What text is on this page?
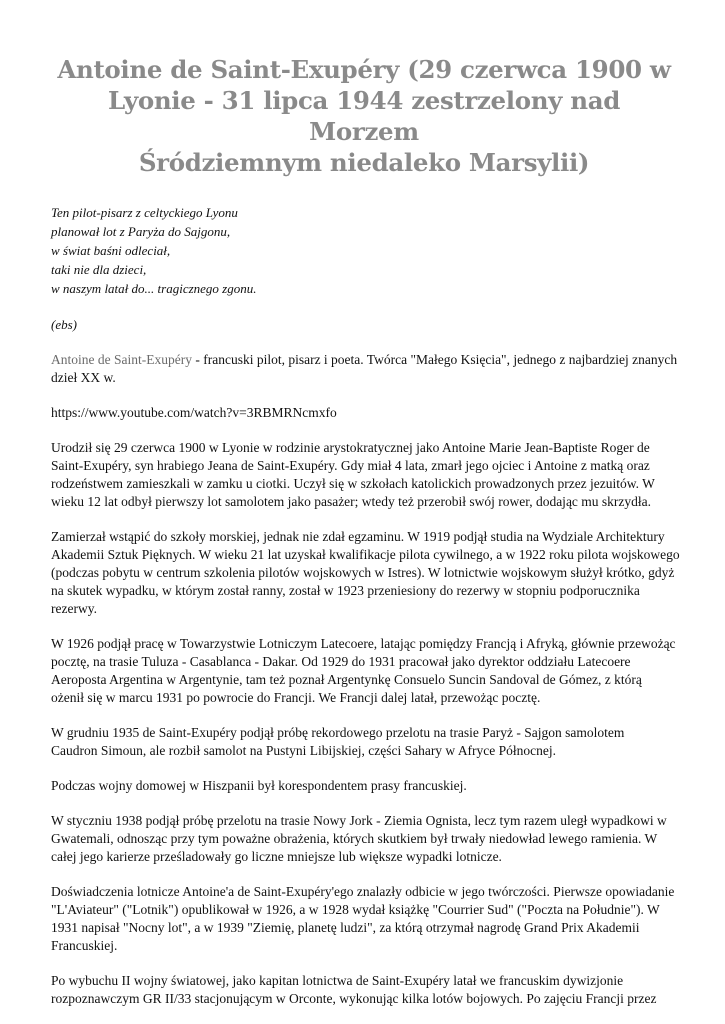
Antoine de Saint-Exupéry (29 czerwca 1900 w
Lyonie - 31 lipca 1944 zestrzelony nad Morzem
Śródziemnym niedaleko Marsylii)
Ten pilot-pisarz z celtyckiego Lyonu
planował lot z Paryża do Sajgonu,
w świat baśni odleciał,
taki nie dla dzieci,
w naszym latał do... tragicznego zgonu.
(ebs)
Antoine de Saint-Exupéry - francuski pilot, pisarz i poeta. Twórca "Małego Księcia", jednego z najbardziej znanych
dzieł XX w.
https://www.youtube.com/watch?v=3RBMRNcmxfo
Urodził się 29 czerwca 1900 w Lyonie w rodzinie arystokratycznej jako Antoine Marie Jean-Baptiste Roger de
Saint-Exupéry, syn hrabiego Jeana de Saint-Exupéry. Gdy miał 4 lata, zmarł jego ojciec i Antoine z matką oraz
rodzeństwem zamieszkali w zamku u ciotki. Uczył się w szkołach katolickich prowadzonych przez jezuitów. W
wieku 12 lat odbył pierwszy lot samolotem jako pasażer; wtedy też przerobił swój rower, dodając mu skrzydła.
Zamierzał wstąpić do szkoły morskiej, jednak nie zdał egzaminu. W 1919 podjął studia na Wydziale Architektury
Akademii Sztuk Pięknych. W wieku 21 lat uzyskał kwalifikacje pilota cywilnego, a w 1922 roku pilota wojskowego
(podczas pobytu w centrum szkolenia pilotów wojskowych w Istres). W lotnictwie wojskowym służył krótko, gdyż
na skutek wypadku, w którym został ranny, został w 1923 przeniesiony do rezerwy w stopniu podporucznika
rezerwy.
W 1926 podjął pracę w Towarzystwie Lotniczym Latecoere, latając pomiędzy Francją i Afryką, głównie przewożąc
pocztę, na trasie Tuluza - Casablanca - Dakar. Od 1929 do 1931 pracował jako dyrektor oddziału Latecoere
Aeroposta Argentina w Argentynie, tam też poznał Argentynkę Consuelo Suncin Sandoval de Gómez, z którą
ożenił się w marcu 1931 po powrocie do Francji. We Francji dalej latał, przewożąc pocztę.
W grudniu 1935 de Saint-Exupéry podjął próbę rekordowego przelotu na trasie Paryż - Sajgon samolotem
Caudron Simoun, ale rozbił samolot na Pustyni Libijskiej, części Sahary w Afryce Północnej.
Podczas wojny domowej w Hiszpanii był korespondentem prasy francuskiej.
W styczniu 1938 podjął próbę przelotu na trasie Nowy Jork - Ziemia Ognista, lecz tym razem uległ wypadkowi w
Gwatemali, odnosząc przy tym poważne obrażenia, których skutkiem był trwały niedowład lewego ramienia. W
całej jego karierze prześladowały go liczne mniejsze lub większe wypadki lotnicze.
Doświadczenia lotnicze Antoine'a de Saint-Exupéry'ego znalazły odbicie w jego twórczości. Pierwsze opowiadanie
"L'Aviateur" ("Lotnik") opublikował w 1926, a w 1928 wydał książkę "Courrier Sud" ("Poczta na Południe"). W
1931 napisał "Nocny lot", a w 1939 "Ziemię, planetę ludzi", za którą otrzymał nagrodę Grand Prix Akademii
Francuskiej.
Po wybuchu II wojny światowej, jako kapitan lotnictwa de Saint-Exupéry latał we francuskim dywizjonie
rozpoznawczym GR II/33 stacjonującym w Orconte, wykonując kilka lotów bojowych. Po zajęciu Francji przez
